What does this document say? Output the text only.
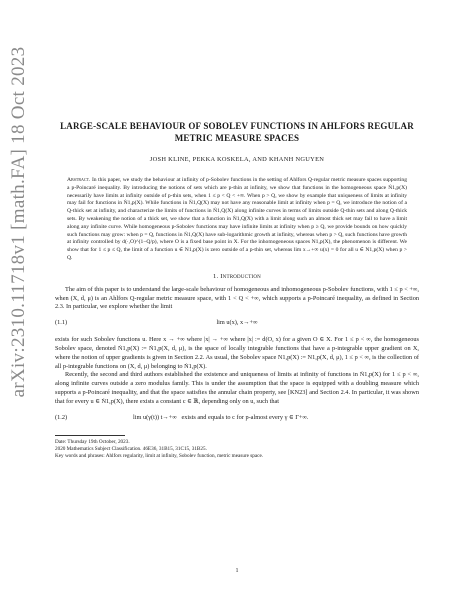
arXiv:2310.11718v1 [math.FA] 18 Oct 2023	LARGE-SCALE BEHAVIOUR OF SOBOLEV FUNCTIONS IN AHLFORS REGULAR METRIC MEASURE SPACES
JOSH KLINE, PEKKA KOSKELA, AND KHANH NGUYEN
Abstract. In this paper, we study the behaviour at infinity of p-Sobolev functions in the setting of Ahlfors Q-regular metric measure spaces supporting a p-Poincaré inequality. By introducing the notions of sets which are p-thin at infinity, we show that functions in the homogeneous space Ṅ1,p(X) necessarily have limits at infinity outside of p-thin sets, when 1 ≤ p < Q < +∞. When p > Q, we show by example that uniqueness of limits at infinity may fail for functions in Ṅ1,p(X). While functions in Ṅ1,Q(X) may not have any reasonable limit at infinity when p = Q, we introduce the notion of a Q-thick set at infinity, and characterize the limits of functions in Ṅ1,Q(X) along infinite curves in terms of limits outside Q-thin sets and along Q-thick sets. By weakening the notion of a thick set, we show that a function in Ṅ1,Q(X) with a limit along such an almost thick set may fail to have a limit along any infinite curve. While homogeneous p-Sobolev functions may have infinite limits at infinity when p ≥ Q, we provide bounds on how quickly such functions may grow: when p = Q, functions in Ṅ1,Q(X) have sub-logarithmic growth at infinity, whereas when p > Q, such functions have growth at infinity controlled by d(·,O)^(1−Q/p), where O is a fixed base point in X. For the inhomogeneous spaces N1,p(X), the phenomenon is different. We show that for 1 ≤ p ≤ Q, the limit of a function u ∈ N1,p(X) is zero outside of a p-thin set, whereas lim x→+∞ u(x) = 0 for all u ∈ N1,p(X) when p > Q.
1. Introduction

The aim of this paper is to understand the large-scale behaviour of homogeneous and inhomogeneous p-Sobolev functions, with 1 ≤ p < +∞, when (X, d, μ) is an Ahlfors Q-regular metric measure space, with 1 < Q < +∞, which supports a p-Poincaré inequality, as defined in Section 2.3. In particular, we explore whether the limit

(1.1)	lim u(x), x→+∞

exists for such Sobolev functions u. Here x → +∞ where |x| → +∞ where |x| := d(O, x) for a given O ∈ X. For 1 ≤ p < ∞, the homogeneous Sobolev space, denoted Ṅ1,p(X) := Ṅ1,p(X, d, μ), is the space of locally integrable functions that have a p-integrable upper gradient on X, where the notion of upper gradients is given in Section 2.2. As usual, the Sobolev space N1,p(X) := N1,p(X, d, μ), 1 ≤ p < ∞, is the collection of all p-integrable functions on (X, d, μ) belonging to Ṅ1,p(X).

Recently, the second and third authors established the existence and uniqueness of limits at infinity of functions in Ṅ1,p(X) for 1 ≤ p < ∞, along infinite curves outside a zero modulus family. This is under the assumption that the space is equipped with a doubling measure which supports a p-Poincaré inequality, and that the space satisfies the annular chain property, see [KN23] and Section 2.4. In particular, it was shown that for every u ∈ Ṅ1,p(X), there exists a constant c ∈ ℝ, depending only on u, such that

(1.2)	lim u(γ(t)) t→+∞ exists and equals to c for p-almost every γ ∈ Γ+∞.
Date: Thursday 19th October, 2023.
2020 Mathematics Subject Classification. 46E36, 31B15, 31C15, 31B25.
Key words and phrases: Ahlfors regularity, limit at infinity, Sobolev function, metric measure space.
1
